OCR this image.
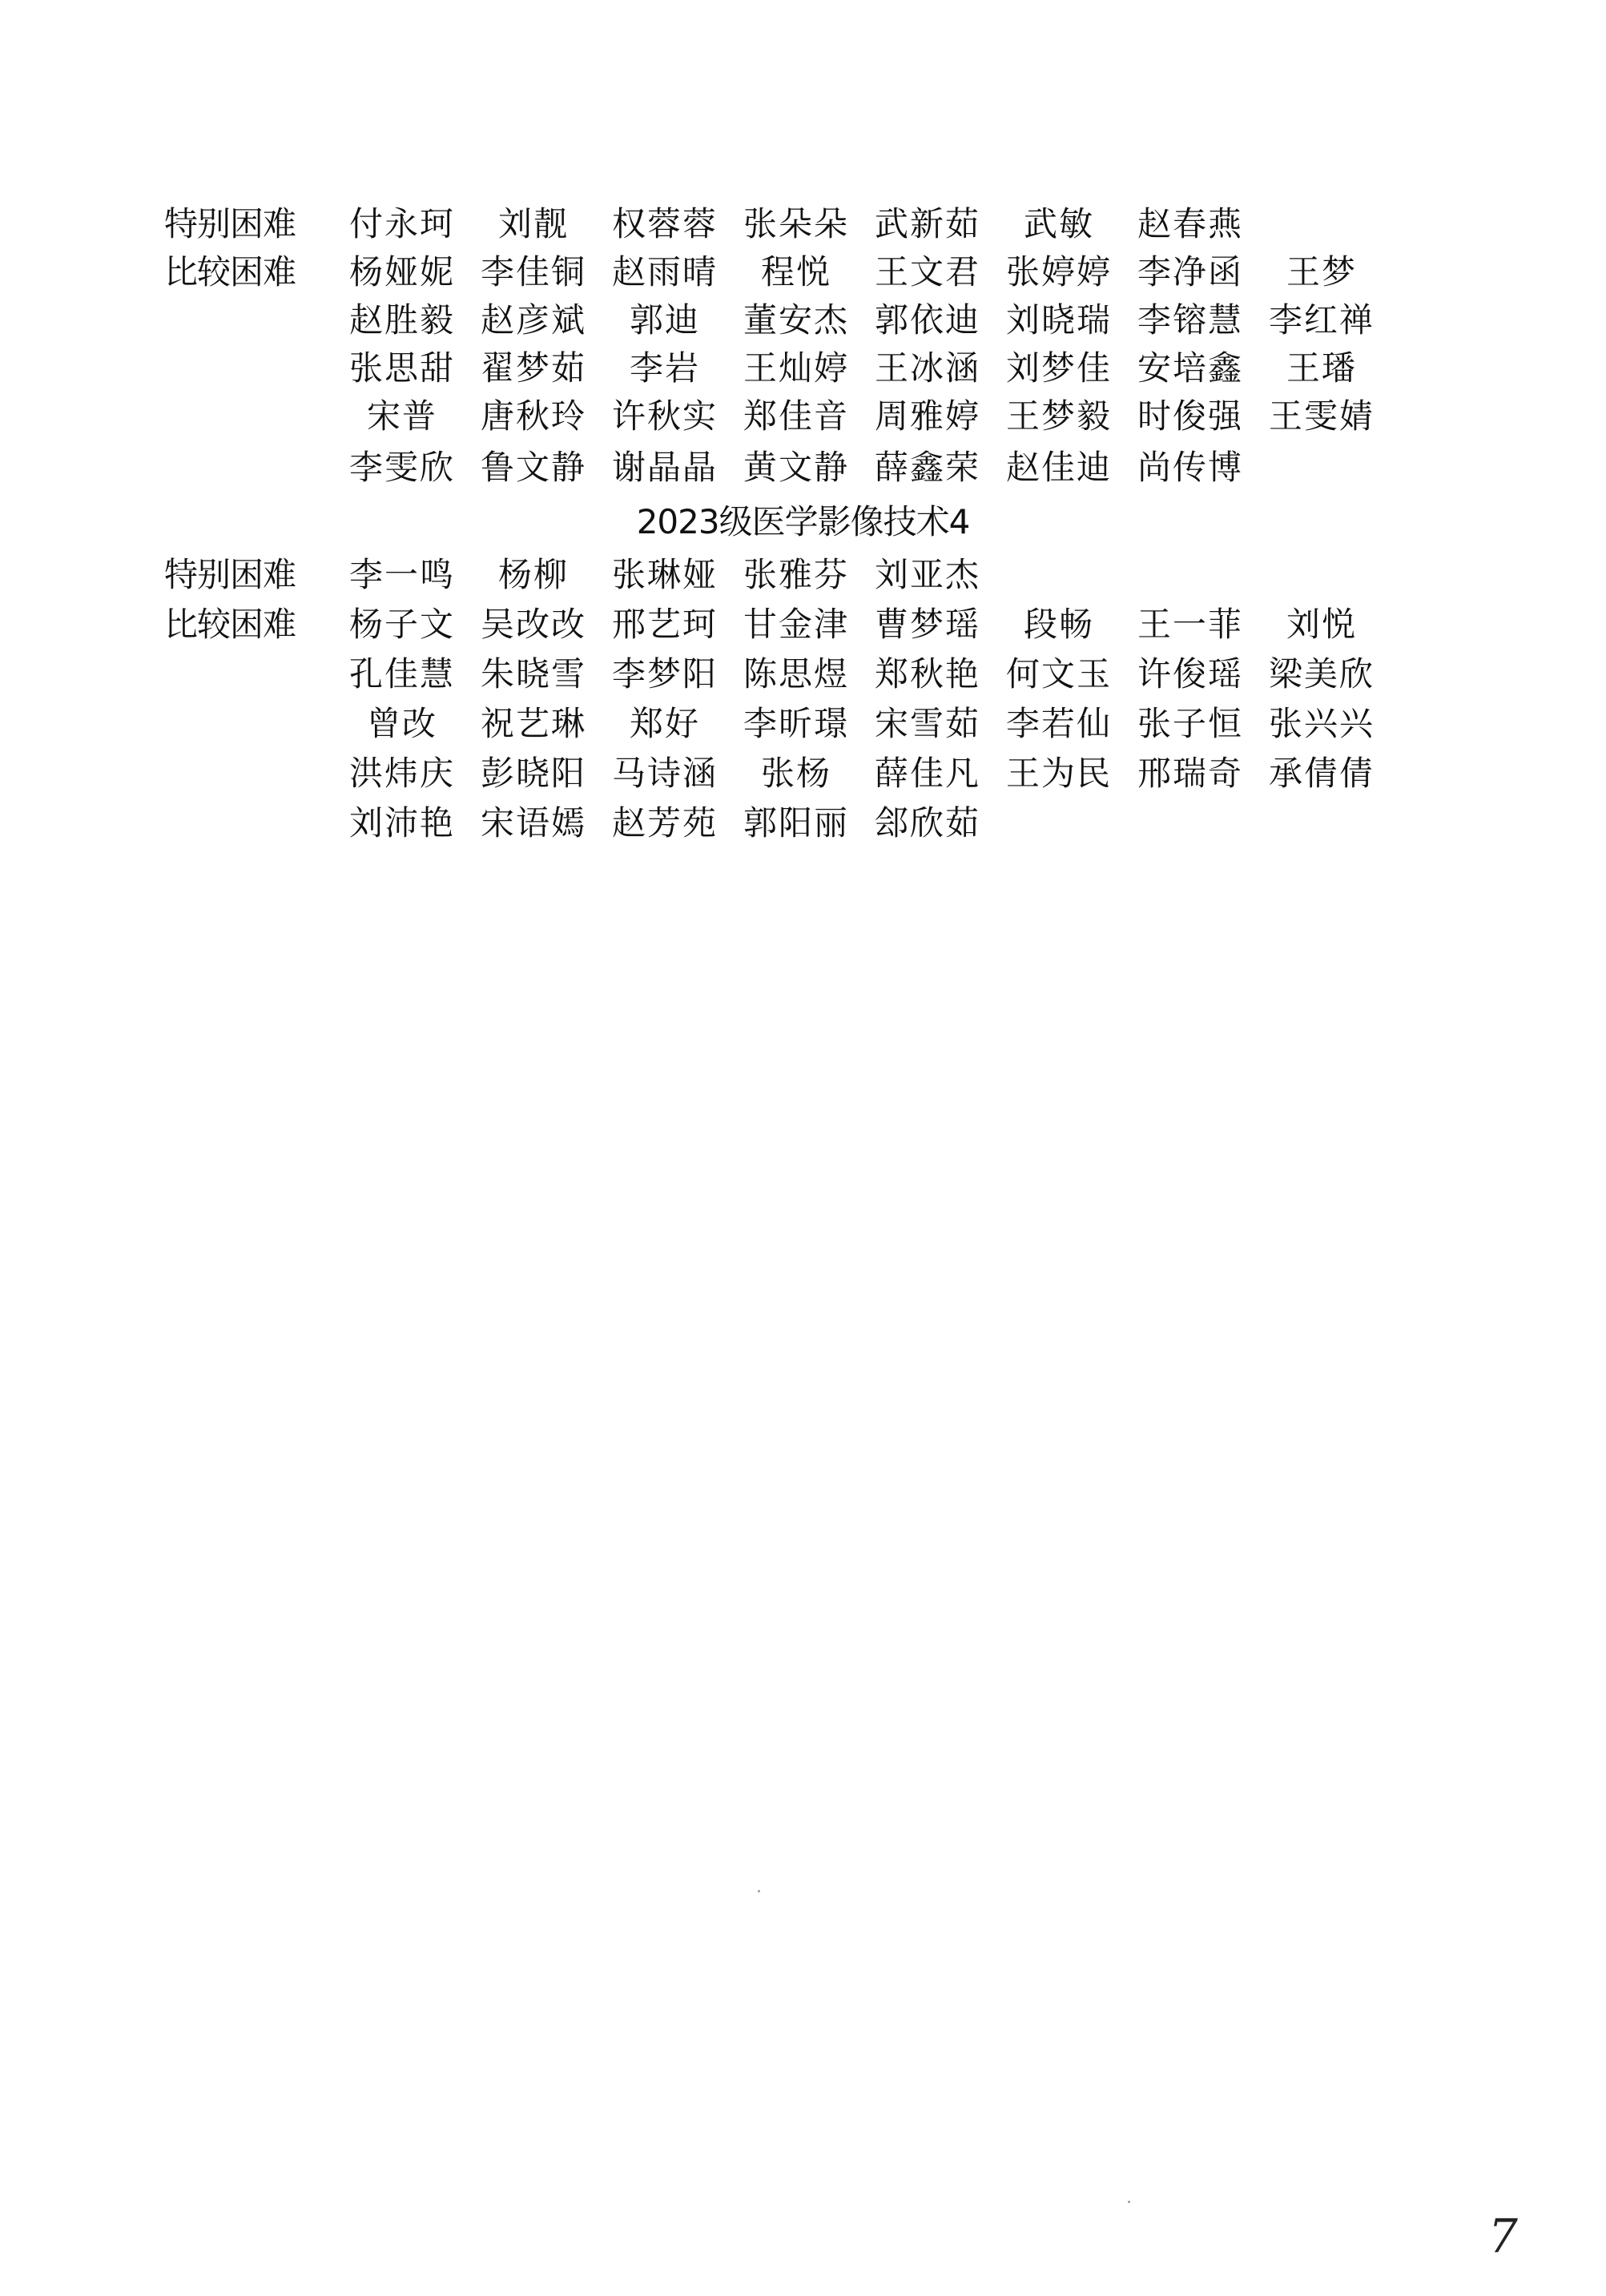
特别困难	付永珂	刘靓	权蓉蓉 张朵朵 武新茹	武敏	赵春燕
比较困难	杨娅妮 李佳铜 赵雨晴	程悦	王文君 张婷婷 李净函	王梦
赵胜毅 赵彦斌	郭迪	董安杰 郭依迪 刘晓瑞 李镕慧 李红禅
张思甜 翟梦茹	李岩	王灿婷 王冰涵 刘梦佳 安培鑫	王璠
宋普	唐秋玲 许秋实 郑佳音 周雅婷 王梦毅 时俊强 王雯婧
李雯欣 鲁文静 谢晶晶 黄文静 薛鑫荣 赵佳迪 尚传博
2023级医学影像技术4
特别困难	李一鸣	杨柳	张琳娅 张雅芬 刘亚杰
比较困难	杨子文 吴改改 邢艺珂 甘金津 曹梦瑶	段畅	王一菲	刘悦
孔佳慧 朱晓雪 李梦阳 陈思煜 郑秋艳 何文玉 许俊瑶 梁美欣
曾改	祝艺琳	郑好	李昕璟 宋雪茹 李若仙 张子恒 张兴兴
洪炜庆 彭晓阳 马诗涵	张杨	薛佳凡 王为民 邢瑞奇 承倩倩
刘沛艳 宋语嫣 赵芳苑 郭阳丽 郐欣茹
7
